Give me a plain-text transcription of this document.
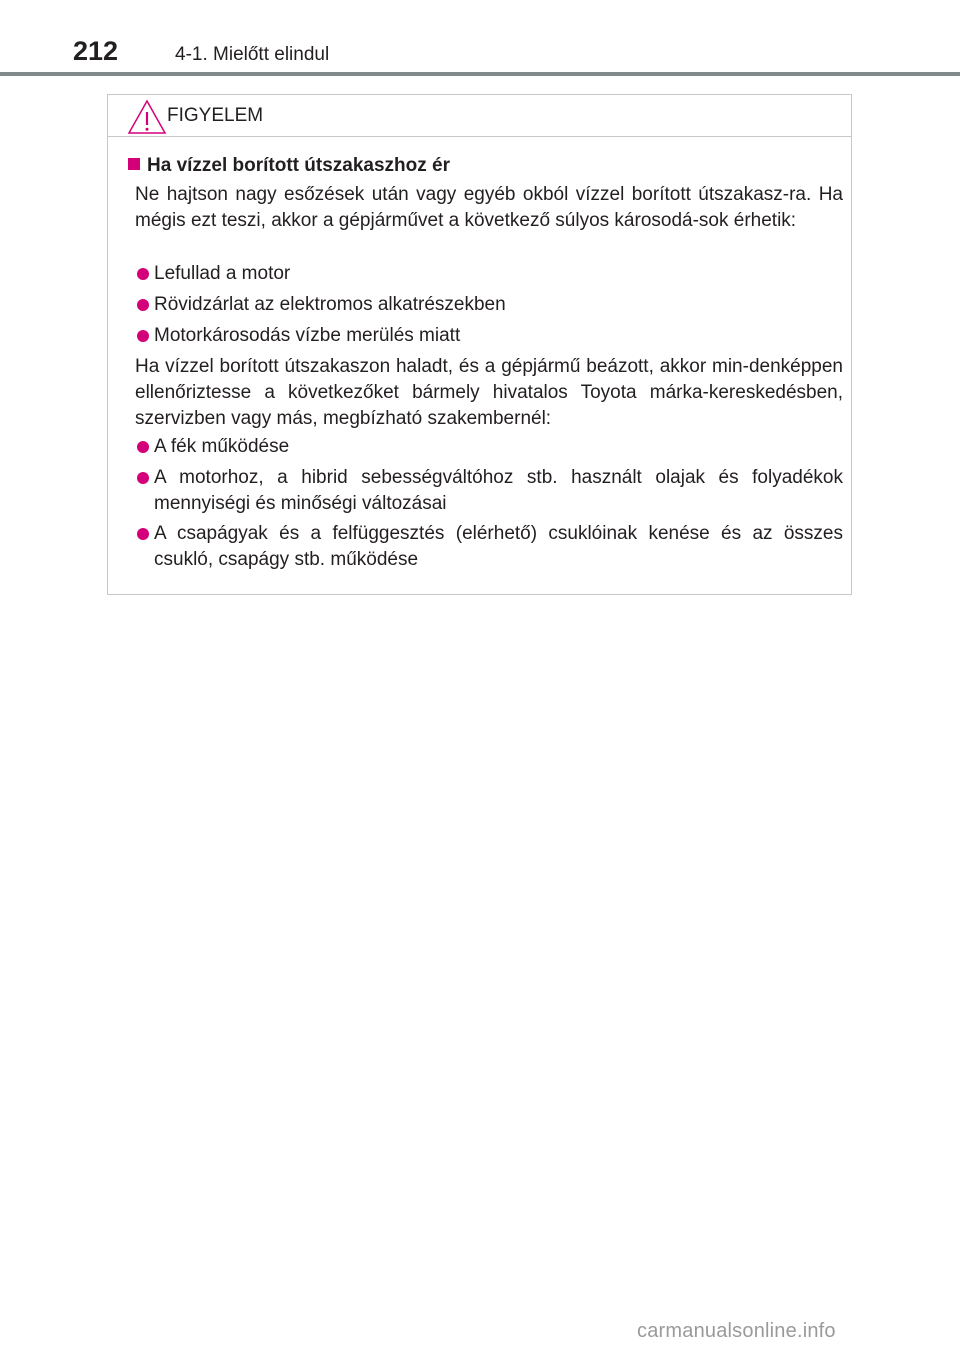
212	4-1. Mielőtt elindul
FIGYELEM
Ha vízzel borított útszakaszhoz ér

Ne hajtson nagy esőzések után vagy egyéb okból vízzel borított útszakasz-ra. Ha mégis ezt teszi, akkor a gépjárművet a következő súlyos károsodá-sok érhetik:

Lefullad a motor
Rövidzárlat az elektromos alkatrészekben
Motorkárosodás vízbe merülés miatt

Ha vízzel borított útszakaszon haladt, és a gépjármű beázott, akkor min-denképpen ellenőriztesse a következőket bármely hivatalos Toyota márka-kereskedésben, szervizben vagy más, megbízható szakembernél:

A fék működése
A motorhoz, a hibrid sebességváltóhoz stb. használt olajak és folyadékok mennyiségi és minőségi változásai
A csapágyak és a felfüggesztés (elérhető) csuklóinak kenése és az összes csukló, csapágy stb. működése
carmanualsonline.info
